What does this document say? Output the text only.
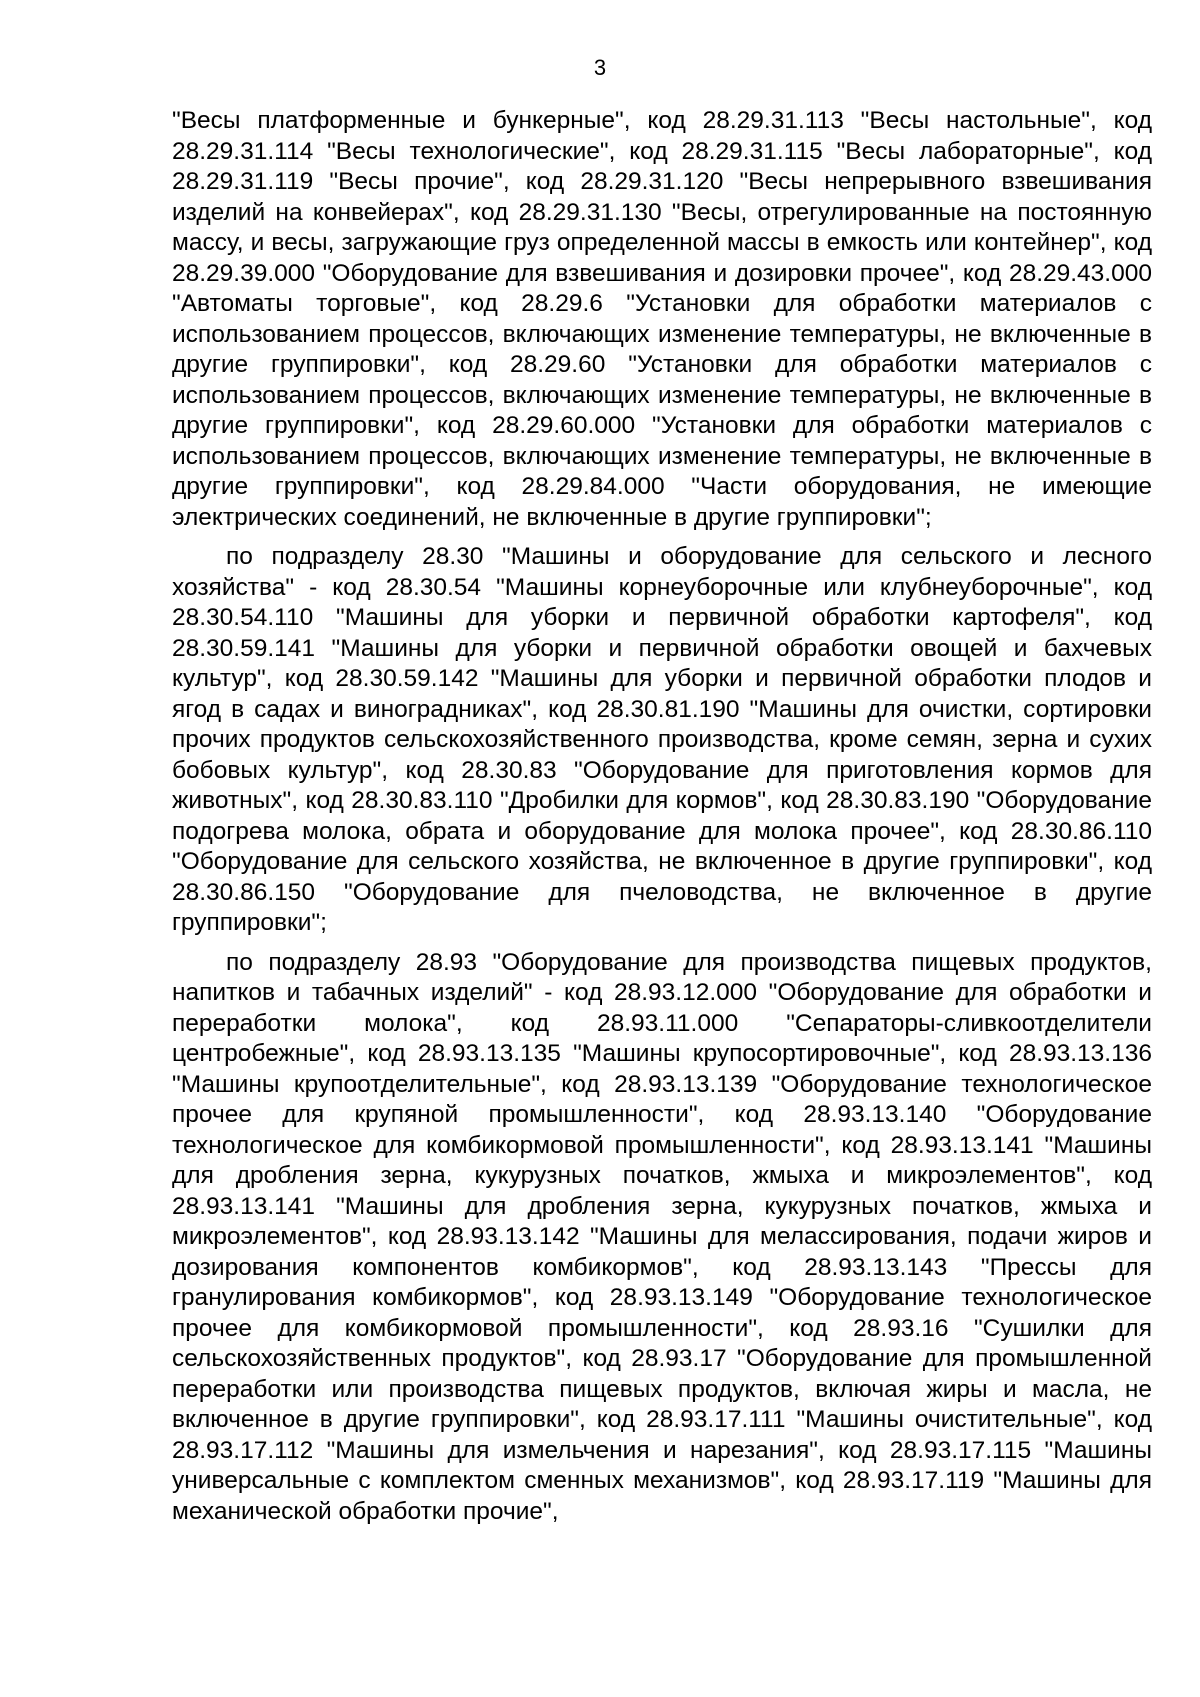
3

"Весы платформенные и бункерные", код 28.29.31.113 "Весы настольные", код 28.29.31.114 "Весы технологические", код 28.29.31.115 "Весы лабораторные", код 28.29.31.119 "Весы прочие", код 28.29.31.120 "Весы непрерывного взвешивания изделий на конвейерах", код 28.29.31.130 "Весы, отрегулированные на постоянную массу, и весы, загружающие груз определенной массы в емкость или контейнер", код 28.29.39.000 "Оборудование для взвешивания и дозировки прочее", код 28.29.43.000 "Автоматы торговые", код 28.29.6 "Установки для обработки материалов с использованием процессов, включающих изменение температуры, не включенные в другие группировки", код 28.29.60 "Установки для обработки материалов с использованием процессов, включающих изменение температуры, не включенные в другие группировки", код 28.29.60.000 "Установки для обработки материалов с использованием процессов, включающих изменение температуры, не включенные в другие группировки", код 28.29.84.000 "Части оборудования, не имеющие электрических соединений, не включенные в другие группировки";

по подразделу 28.30 "Машины и оборудование для сельского и лесного хозяйства" - код 28.30.54 "Машины корнеуборочные или клубнеуборочные", код 28.30.54.110 "Машины для уборки и первичной обработки картофеля", код 28.30.59.141 "Машины для уборки и первичной обработки овощей и бахчевых культур", код 28.30.59.142 "Машины для уборки и первичной обработки плодов и ягод в садах и виноградниках", код 28.30.81.190 "Машины для очистки, сортировки прочих продуктов сельскохозяйственного производства, кроме семян, зерна и сухих бобовых культур", код 28.30.83 "Оборудование для приготовления кормов для животных", код 28.30.83.110 "Дробилки для кормов", код 28.30.83.190 "Оборудование подогрева молока, обрата и оборудование для молока прочее", код 28.30.86.110 "Оборудование для сельского хозяйства, не включенное в другие группировки", код 28.30.86.150 "Оборудование для пчеловодства, не включенное в другие группировки";

по подразделу 28.93 "Оборудование для производства пищевых продуктов, напитков и табачных изделий" - код 28.93.12.000 "Оборудование для обработки и переработки молока", код 28.93.11.000 "Сепараторы-сливкоотделители центробежные", код 28.93.13.135 "Машины крупосортировочные", код 28.93.13.136 "Машины крупоотделительные", код 28.93.13.139 "Оборудование технологическое прочее для крупяной промышленности", код 28.93.13.140 "Оборудование технологическое для комбикормовой промышленности", код 28.93.13.141 "Машины для дробления зерна, кукурузных початков, жмыха и микроэлементов", код 28.93.13.141 "Машины для дробления зерна, кукурузных початков, жмыха и микроэлементов", код 28.93.13.142 "Машины для мелассирования, подачи жиров и дозирования компонентов комбикормов", код 28.93.13.143 "Прессы для гранулирования комбикормов", код 28.93.13.149 "Оборудование технологическое прочее для комбикормовой промышленности", код 28.93.16 "Сушилки для сельскохозяйственных продуктов", код 28.93.17 "Оборудование для промышленной переработки или производства пищевых продуктов, включая жиры и масла, не включенное в другие группировки", код 28.93.17.111 "Машины очистительные", код 28.93.17.112 "Машины для измельчения и нарезания", код 28.93.17.115 "Машины универсальные с комплектом сменных механизмов", код 28.93.17.119 "Машины для механической обработки прочие",
